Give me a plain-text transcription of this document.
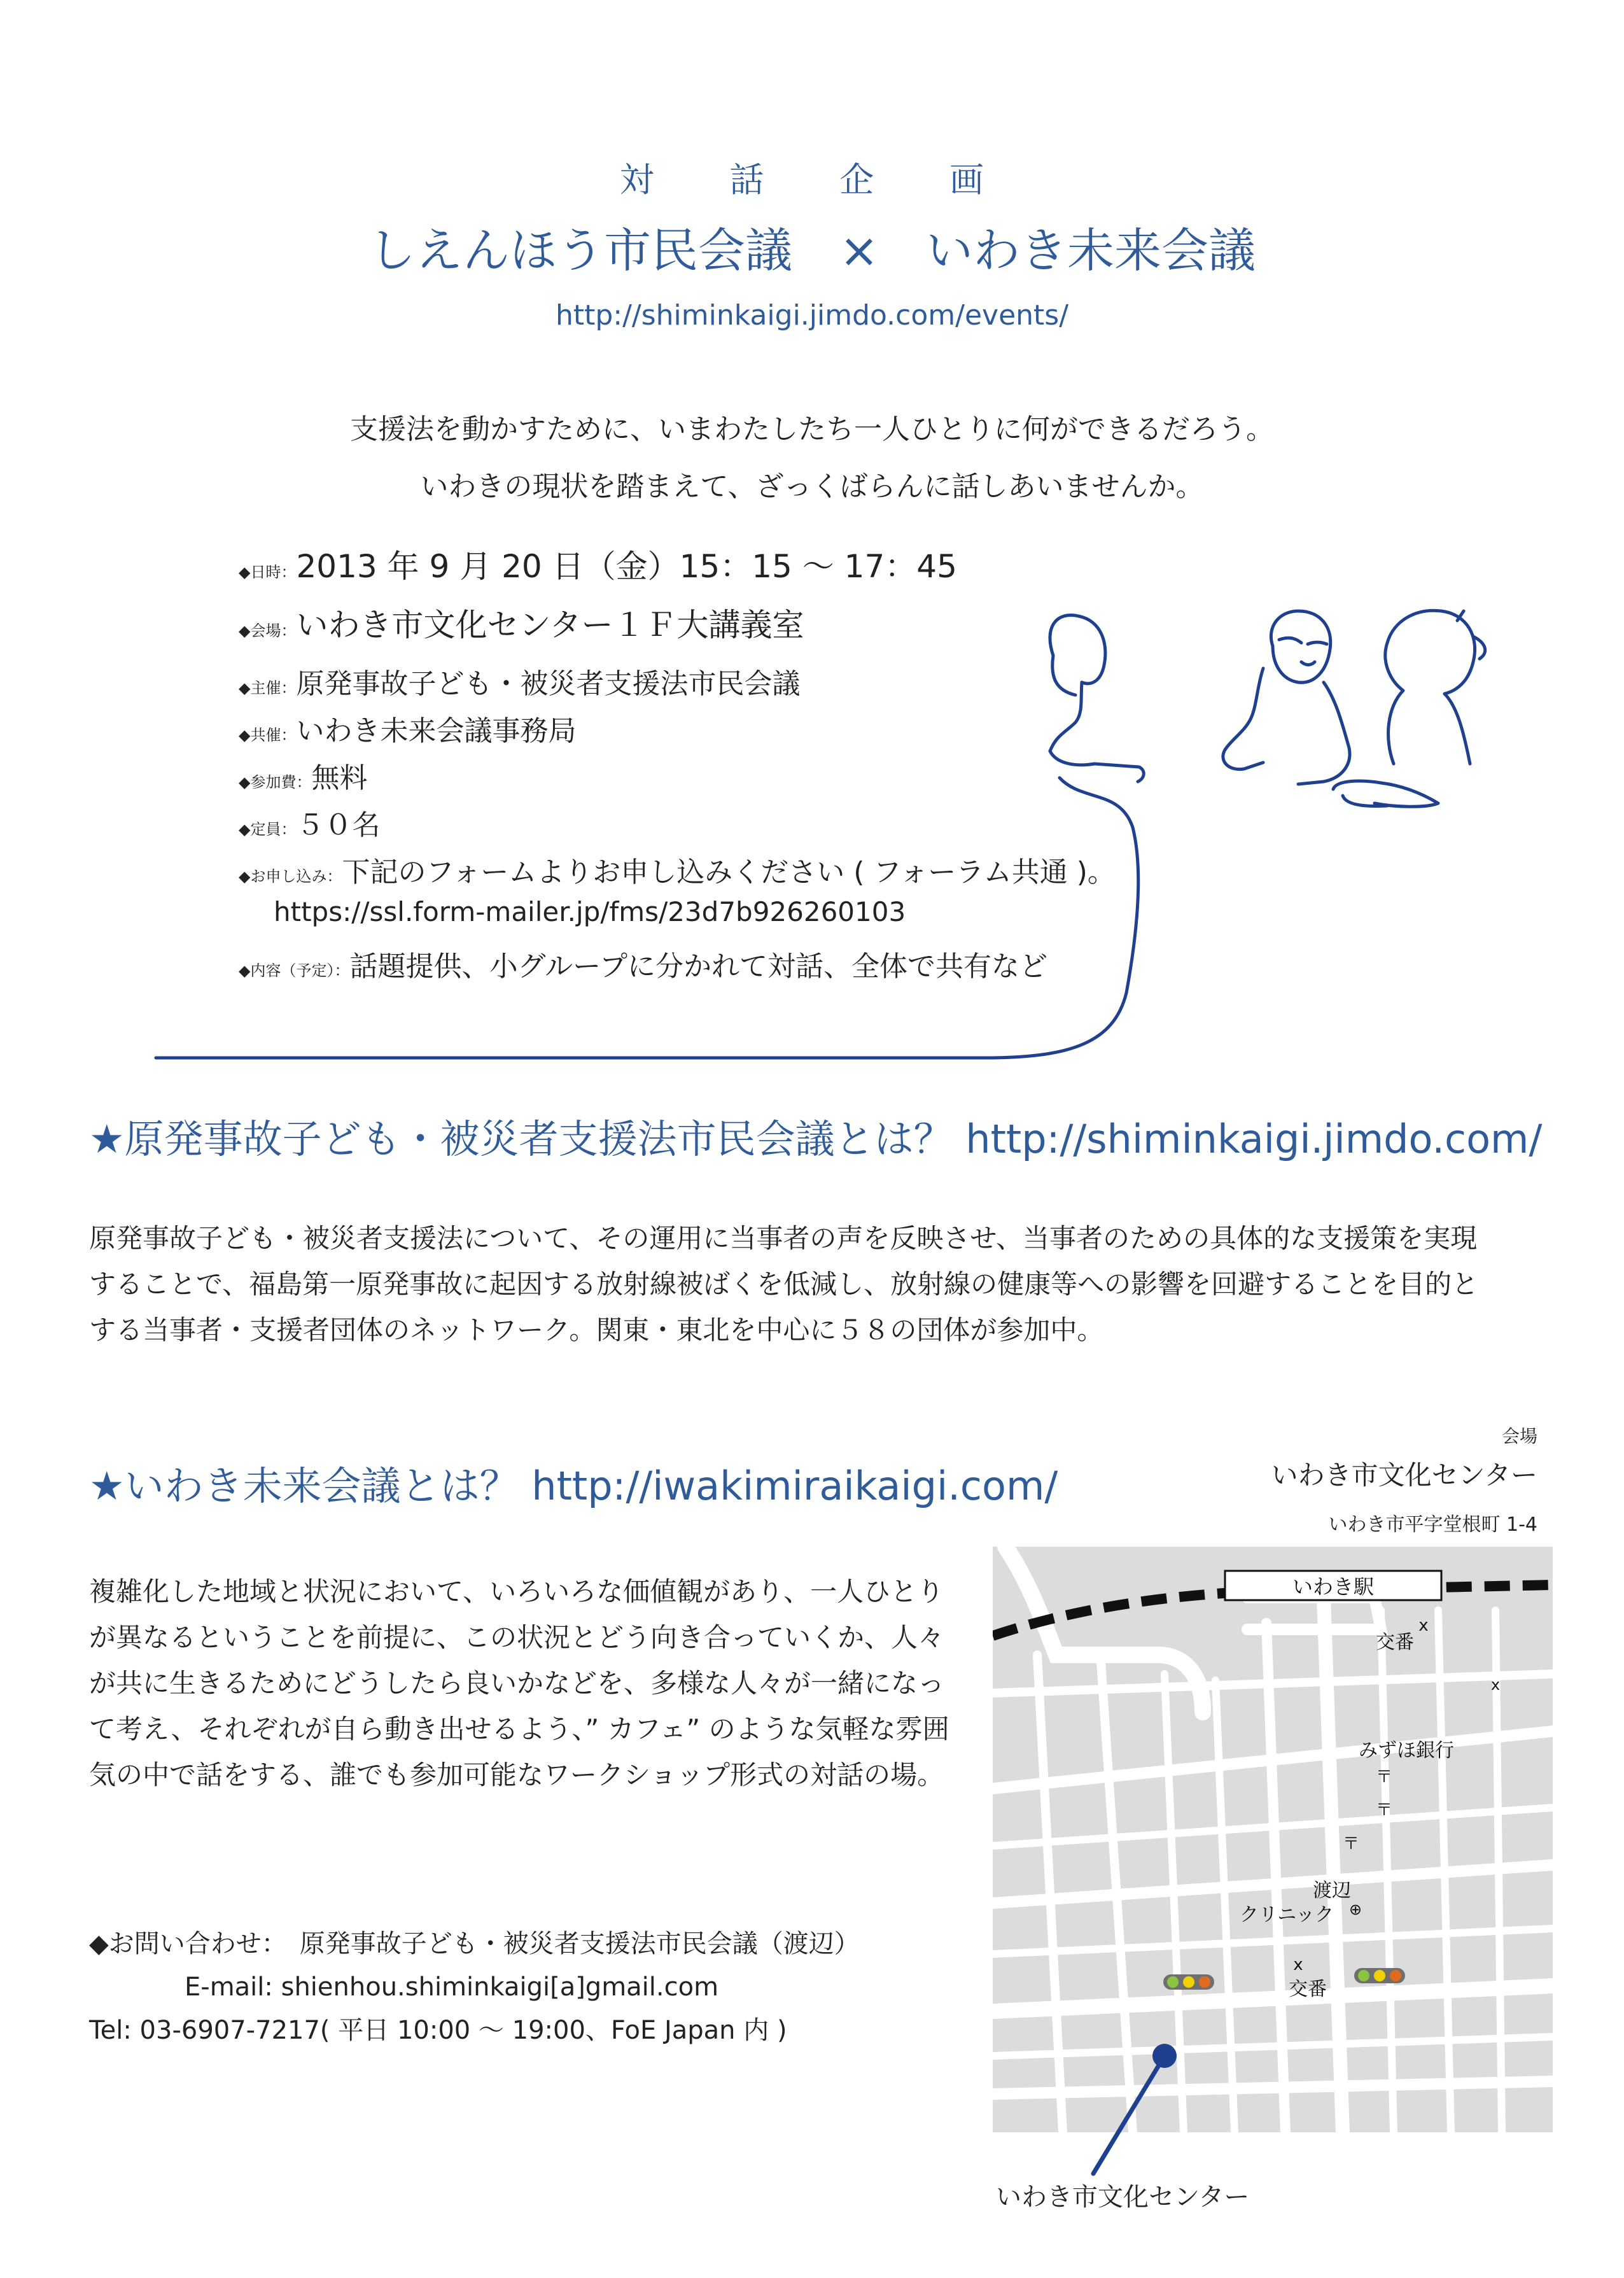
対　話　企　画
しえんほう市民会議　×　いわき未来会議
http://shiminkaigi.jimdo.com/events/
支援法を動かすために、いまわたしたち一人ひとりに何ができるだろう。
いわきの現状を踏まえて、ざっくばらんに話しあいませんか。
◆日時：2013 年 9 月 20 日（金）15：15 〜 17：45
◆会場：いわき市文化センター１Ｆ大講義室
◆主催：原発事故子ども・被災者支援法市民会議
◆共催：いわき未来会議事務局
◆参加費：無料
◆定員：５０名
◆お申し込み：下記のフォームよりお申し込みください ( フォーラム共通 )。
https://ssl.form-mailer.jp/fms/23d7b926260103
◆内容（予定）：話題提供、小グループに分かれて対話、全体で共有など
★原発事故子ども・被災者支援法市民会議とは？ http://shiminkaigi.jimdo.com/
原発事故子ども・被災者支援法について、その運用に当事者の声を反映させ、当事者のための具体的な支援策を実現
することで、福島第一原発事故に起因する放射線被ばくを低減し、放射線の健康等への影響を回避することを目的と
する当事者・支援者団体のネットワーク。関東・東北を中心に５８の団体が参加中。
会場
いわき市文化センター
いわき市平字堂根町 1-4
★いわき未来会議とは？ http://iwakimiraikaigi.com/
複雑化した地域と状況において、いろいろな価値観があり、一人ひとり
が異なるということを前提に、この状況とどう向き合っていくか、人々
が共に生きるためにどうしたら良いかなどを、多様な人々が一緒になっ
て考え、それぞれが自ら動き出せるよう、” カフェ” のような気軽な雰囲
気の中で話をする、誰でも参加可能なワークショップ形式の対話の場。
◆お問い合わせ：　原発事故子ども・被災者支援法市民会議（渡辺）
E-mail: shienhou.shiminkaigi[a]gmail.com
Tel: 03-6907-7217( 平日 10:00 〜 19:00、FoE Japan 内 )
いわき駅
x
交番
x
みずほ銀行
〒
〒
〒
渡辺
クリニック ⊕
x
交番
いわき市文化センター
